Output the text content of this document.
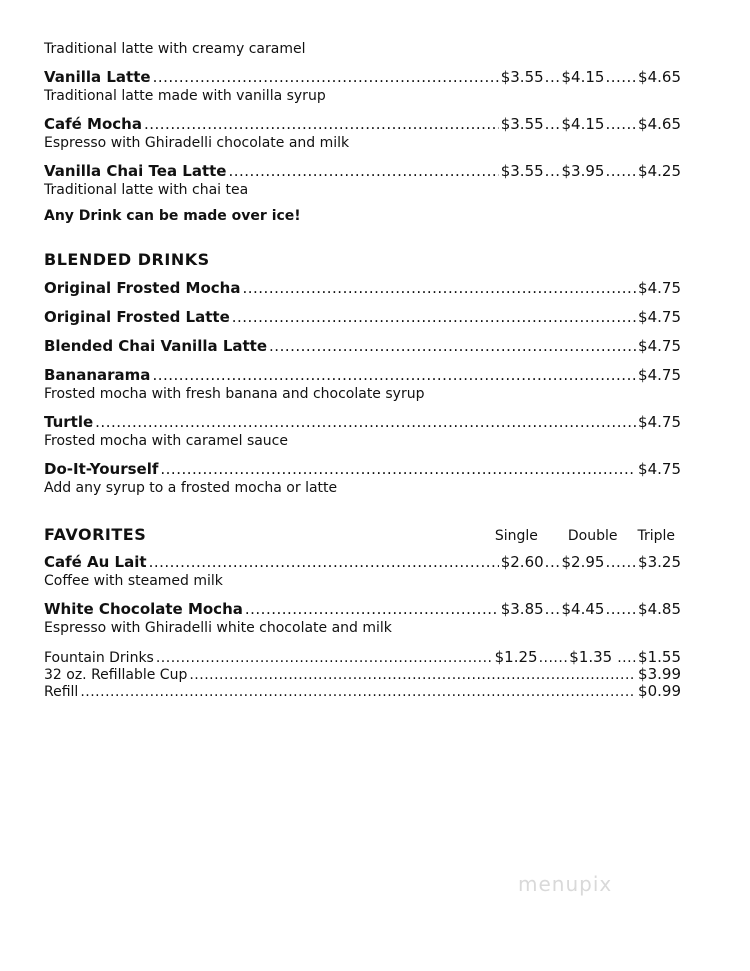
Traditional latte with creamy caramel
Vanilla Latte .....	$3.55 ... $4.15 ...... $4.65
Traditional latte made with vanilla syrup
Café Mocha .....	$3.55 ... $4.15 ...... $4.65
Espresso with Ghiradelli chocolate and milk
Vanilla Chai Tea Latte .....	$3.55 ... $3.95 ...... $4.25
Traditional latte with chai tea
Any Drink can be made over ice!
BLENDED DRINKS
Original Frosted Mocha .....	$4.75
Original Frosted Latte .....	$4.75
Blended Chai Vanilla Latte .....	$4.75
Bananarama .....	$4.75
Frosted mocha with fresh banana and chocolate syrup
Turtle .....	$4.75
Frosted mocha with caramel sauce
Do-It-Yourself .....	$4.75
Add any syrup to a frosted mocha or latte
FAVORITES	Single Double Triple
Café Au Lait .....	$2.60 ... $2.95 ...... $3.25
Coffee with steamed milk
White Chocolate Mocha .....	$3.85 ... $4.45 ...... $4.85
Espresso with Ghiradelli white chocolate and milk
Fountain Drinks .....	$1.25 ...... $1.35 .... $1.55
32 oz. Refillable Cup .....	$3.99
Refill .....	$0.99
menupix
